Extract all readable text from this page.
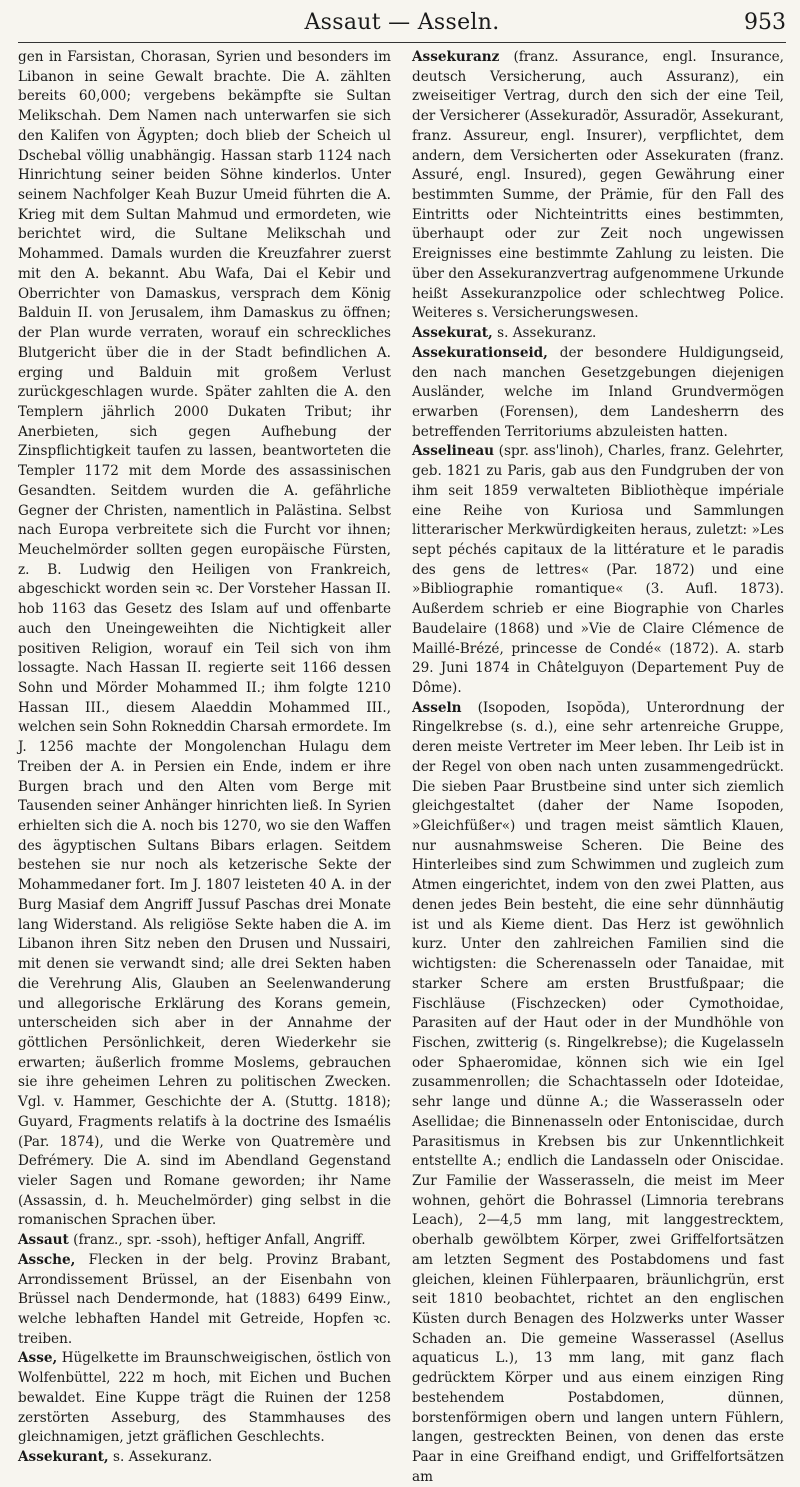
Assaut — Asseln.	953

gen in Farsistan, Chorasan, Syrien und besonders im Libanon in seine Gewalt brachte. Die A. zählten bereits 60,000; vergebens bekämpfte sie Sultan Melikschah. Dem Namen nach unterwarfen sie sich den Kalifen von Ägypten; doch blieb der Scheich ul Dschebal völlig unabhängig. Hassan starb 1124 nach Hinrichtung seiner beiden Söhne kinderlos. Unter seinem Nachfolger Keah Buzur Umeid führten die A. Krieg mit dem Sultan Mahmud und ermordeten, wie berichtet wird, die Sultane Melikschah und Mohammed. Damals wurden die Kreuzfahrer zuerst mit den A. bekannt. Abu Wafa, Dai el Kebir und Oberrichter von Damaskus, versprach dem König Balduin II. von Jerusalem, ihm Damaskus zu öffnen; der Plan wurde verraten, worauf ein schreckliches Blutgericht über die in der Stadt befindlichen A. erging und Balduin mit großem Verlust zurückgeschlagen wurde. Später zahlten die A. den Templern jährlich 2000 Dukaten Tribut; ihr Anerbieten, sich gegen Aufhebung der Zinspflichtigkeit taufen zu lassen, beantworteten die Templer 1172 mit dem Morde des assassinischen Gesandten. Seitdem wurden die A. gefährliche Gegner der Christen, namentlich in Palästina. Selbst nach Europa verbreitete sich die Furcht vor ihnen; Meuchelmörder sollten gegen europäische Fürsten, z. B. Ludwig den Heiligen von Frankreich, abgeschickt worden sein ꝛc. Der Vorsteher Hassan II. hob 1163 das Gesetz des Islam auf und offenbarte auch den Uneingeweihten die Nichtigkeit aller positiven Religion, worauf ein Teil sich von ihm lossagte. Nach Hassan II. regierte seit 1166 dessen Sohn und Mörder Mohammed II.; ihm folgte 1210 Hassan III., diesem Alaeddin Mohammed III., welchen sein Sohn Rokneddin Charsah ermordete. Im J. 1256 machte der Mongolenchan Hulagu dem Treiben der A. in Persien ein Ende, indem er ihre Burgen brach und den Alten vom Berge mit Tausenden seiner Anhänger hinrichten ließ. In Syrien erhielten sich die A. noch bis 1270, wo sie den Waffen des ägyptischen Sultans Bibars erlagen. Seitdem bestehen sie nur noch als ketzerische Sekte der Mohammedaner fort. Im J. 1807 leisteten 40 A. in der Burg Masiaf dem Angriff Jussuf Paschas drei Monate lang Widerstand. Als religiöse Sekte haben die A. im Libanon ihren Sitz neben den Drusen und Nussairi, mit denen sie verwandt sind; alle drei Sekten haben die Verehrung Alis, Glauben an Seelenwanderung und allegorische Erklärung des Korans gemein, unterscheiden sich aber in der Annahme der göttlichen Persönlichkeit, deren Wiederkehr sie erwarten; äußerlich fromme Moslems, gebrauchen sie ihre geheimen Lehren zu politischen Zwecken. Vgl. v. Hammer, Geschichte der A. (Stuttg. 1818); Guyard, Fragments relatifs à la doctrine des Ismaélis (Par. 1874), und die Werke von Quatremère und Defrémery. Die A. sind im Abendland Gegenstand vieler Sagen und Romane geworden; ihr Name (Assassin, d. h. Meuchelmörder) ging selbst in die romanischen Sprachen über.

Assaut (franz., spr. -ssoh), heftiger Anfall, Angriff.

Assche, Flecken in der belg. Provinz Brabant, Arrondissement Brüssel, an der Eisenbahn von Brüssel nach Dendermonde, hat (1883) 6499 Einw., welche lebhaften Handel mit Getreide, Hopfen ꝛc. treiben.

Asse, Hügelkette im Braunschweigischen, östlich von Wolfenbüttel, 222 m hoch, mit Eichen und Buchen bewaldet. Eine Kuppe trägt die Ruinen der 1258 zerstörten Asseburg, des Stammhauses des gleichnamigen, jetzt gräflichen Geschlechts.

Assekurant, s. Assekuranz.

Assekuranz (franz. Assurance, engl. Insurance, deutsch Versicherung, auch Assuranz), ein zweiseitiger Vertrag, durch den sich der eine Teil, der Versicherer (Assekuradör, Assuradör, Assekurant, franz. Assureur, engl. Insurer), verpflichtet, dem andern, dem Versicherten oder Assekuraten (franz. Assuré, engl. Insured), gegen Gewährung einer bestimmten Summe, der Prämie, für den Fall des Eintritts oder Nichteintritts eines bestimmten, überhaupt oder zur Zeit noch ungewissen Ereignisses eine bestimmte Zahlung zu leisten. Die über den Assekuranzvertrag aufgenommene Urkunde heißt Assekuranzpolice oder schlechtweg Police. Weiteres s. Versicherungswesen.

Assekurat, s. Assekuranz.

Assekurationseid, der besondere Huldigungseid, den nach manchen Gesetzgebungen diejenigen Ausländer, welche im Inland Grundvermögen erwarben (Forensen), dem Landesherrn des betreffenden Territoriums abzuleisten hatten.

Asselineau (spr. ass'linoh), Charles, franz. Gelehrter, geb. 1821 zu Paris, gab aus den Fundgruben der von ihm seit 1859 verwalteten Bibliothèque impériale eine Reihe von Kuriosa und Sammlungen litterarischer Merkwürdigkeiten heraus, zuletzt: »Les sept péchés capitaux de la littérature et le paradis des gens de lettres« (Par. 1872) und eine »Bibliographie romantique« (3. Aufl. 1873). Außerdem schrieb er eine Biographie von Charles Baudelaire (1868) und »Vie de Claire Clémence de Maillé-Brézé, princesse de Condé« (1872). A. starb 29. Juni 1874 in Châtelguyon (Departement Puy de Dôme).

Asseln (Isopoden, Isopŏda), Unterordnung der Ringelkrebse (s. d.), eine sehr artenreiche Gruppe, deren meiste Vertreter im Meer leben. Ihr Leib ist in der Regel von oben nach unten zusammengedrückt. Die sieben Paar Brustbeine sind unter sich ziemlich gleichgestaltet (daher der Name Isopoden, »Gleichfüßer«) und tragen meist sämtlich Klauen, nur ausnahmsweise Scheren. Die Beine des Hinterleibes sind zum Schwimmen und zugleich zum Atmen eingerichtet, indem von den zwei Platten, aus denen jedes Bein besteht, die eine sehr dünnhäutig ist und als Kieme dient. Das Herz ist gewöhnlich kurz. Unter den zahlreichen Familien sind die wichtigsten: die Scherenasseln oder Tanaidae, mit starker Schere am ersten Brustfußpaar; die Fischläuse (Fischzecken) oder Cymothoidae, Parasiten auf der Haut oder in der Mundhöhle von Fischen, zwitterig (s. Ringelkrebse); die Kugelasseln oder Sphaeromidae, können sich wie ein Igel zusammenrollen; die Schachtasseln oder Idoteidae, sehr lange und dünne A.; die Wasserasseln oder Asellidae; die Binnenasseln oder Entoniscidae, durch Parasitismus in Krebsen bis zur Unkenntlichkeit entstellte A.; endlich die Landasseln oder Oniscidae. Zur Familie der Wasserasseln, die meist im Meer wohnen, gehört die Bohrassel (Limnoria terebrans Leach), 2—4,5 mm lang, mit langgestrecktem, oberhalb gewölbtem Körper, zwei Griffelfortsätzen am letzten Segment des Postabdomens und fast gleichen, kleinen Fühlerpaaren, bräunlichgrün, erst seit 1810 beobachtet, richtet an den englischen Küsten durch Benagen des Holzwerks unter Wasser Schaden an. Die gemeine Wasserassel (Asellus aquaticus L.), 13 mm lang, mit ganz flach gedrücktem Körper und aus einem einzigen Ring bestehendem Postabdomen, dünnen, borstenförmigen obern und langen untern Fühlern, langen, gestreckten Beinen, von denen das erste Paar in eine Greifhand endigt, und Griffelfortsätzen am
